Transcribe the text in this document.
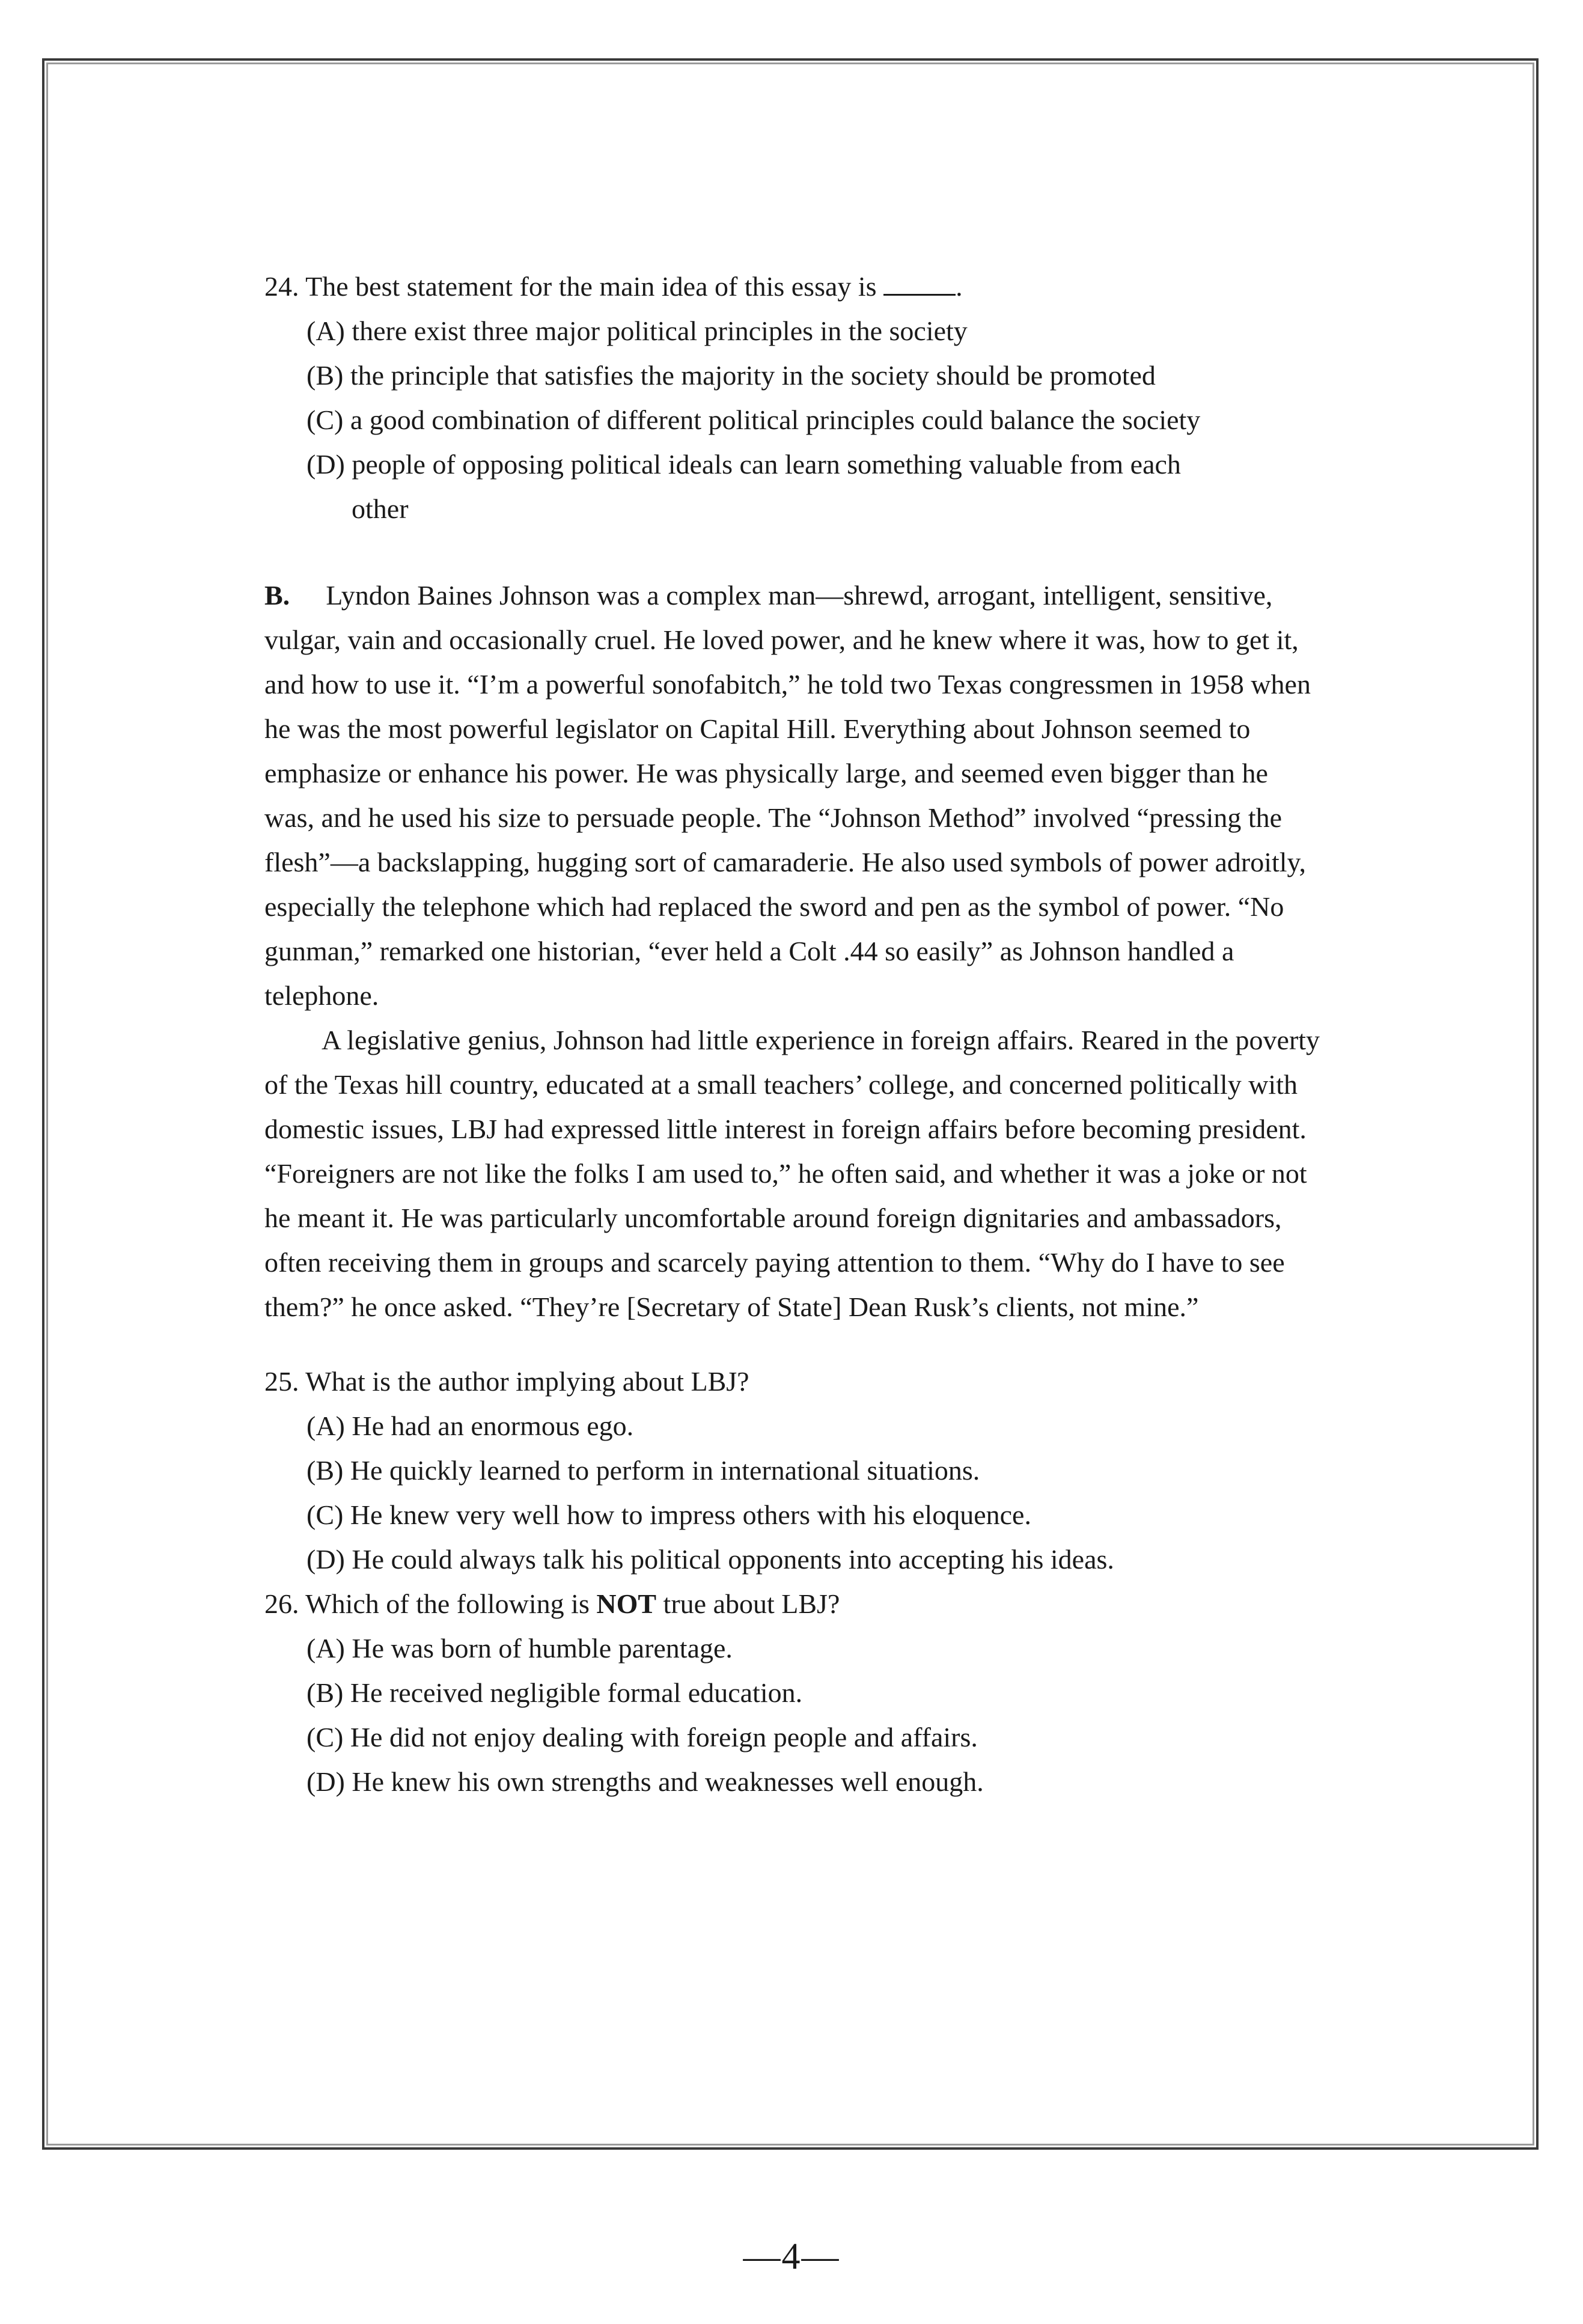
24. The best statement for the main idea of this essay is	.

(A) there exist three major political principles in the society

(B) the principle that satisfies the majority in the society should be promoted

(C) a good combination of different political principles could balance the society

(D) people of opposing political ideals can learn something valuable from each

other

B. Lyndon Baines Johnson was a complex man—shrewd, arrogant, intelligent, sensitive, vulgar, vain and occasionally cruel. He loved power, and he knew where it was, how to get it, and how to use it. “I’m a powerful sonofabitch,” he told two Texas congressmen in 1958 when he was the most powerful legislator on Capital Hill. Everything about Johnson seemed to emphasize or enhance his power. He was physically large, and seemed even bigger than he was, and he used his size to persuade people. The “Johnson Method” involved “pressing the flesh”—a backslapping, hugging sort of camaraderie. He also used symbols of power adroitly, especially the telephone which had replaced the sword and pen as the symbol of power. “No gunman,” remarked one historian, “ever held a Colt .44 so easily” as Johnson handled a telephone.

A legislative genius, Johnson had little experience in foreign affairs. Reared in the poverty of the Texas hill country, educated at a small teachers’ college, and concerned politically with domestic issues, LBJ had expressed little interest in foreign affairs before becoming president. “Foreigners are not like the folks I am used to,” he often said, and whether it was a joke or not he meant it. He was particularly uncomfortable around foreign dignitaries and ambassadors, often receiving them in groups and scarcely paying attention to them. “Why do I have to see them?” he once asked. “They’re [Secretary of State] Dean Rusk’s clients, not mine.”

25. What is the author implying about LBJ?

(A) He had an enormous ego.

(B) He quickly learned to perform in international situations.

(C) He knew very well how to impress others with his eloquence.

(D) He could always talk his political opponents into accepting his ideas.

26. Which of the following is NOT true about LBJ?

(A) He was born of humble parentage.

(B) He received negligible formal education.

(C) He did not enjoy dealing with foreign people and affairs.

(D) He knew his own strengths and weaknesses well enough.

—4—
